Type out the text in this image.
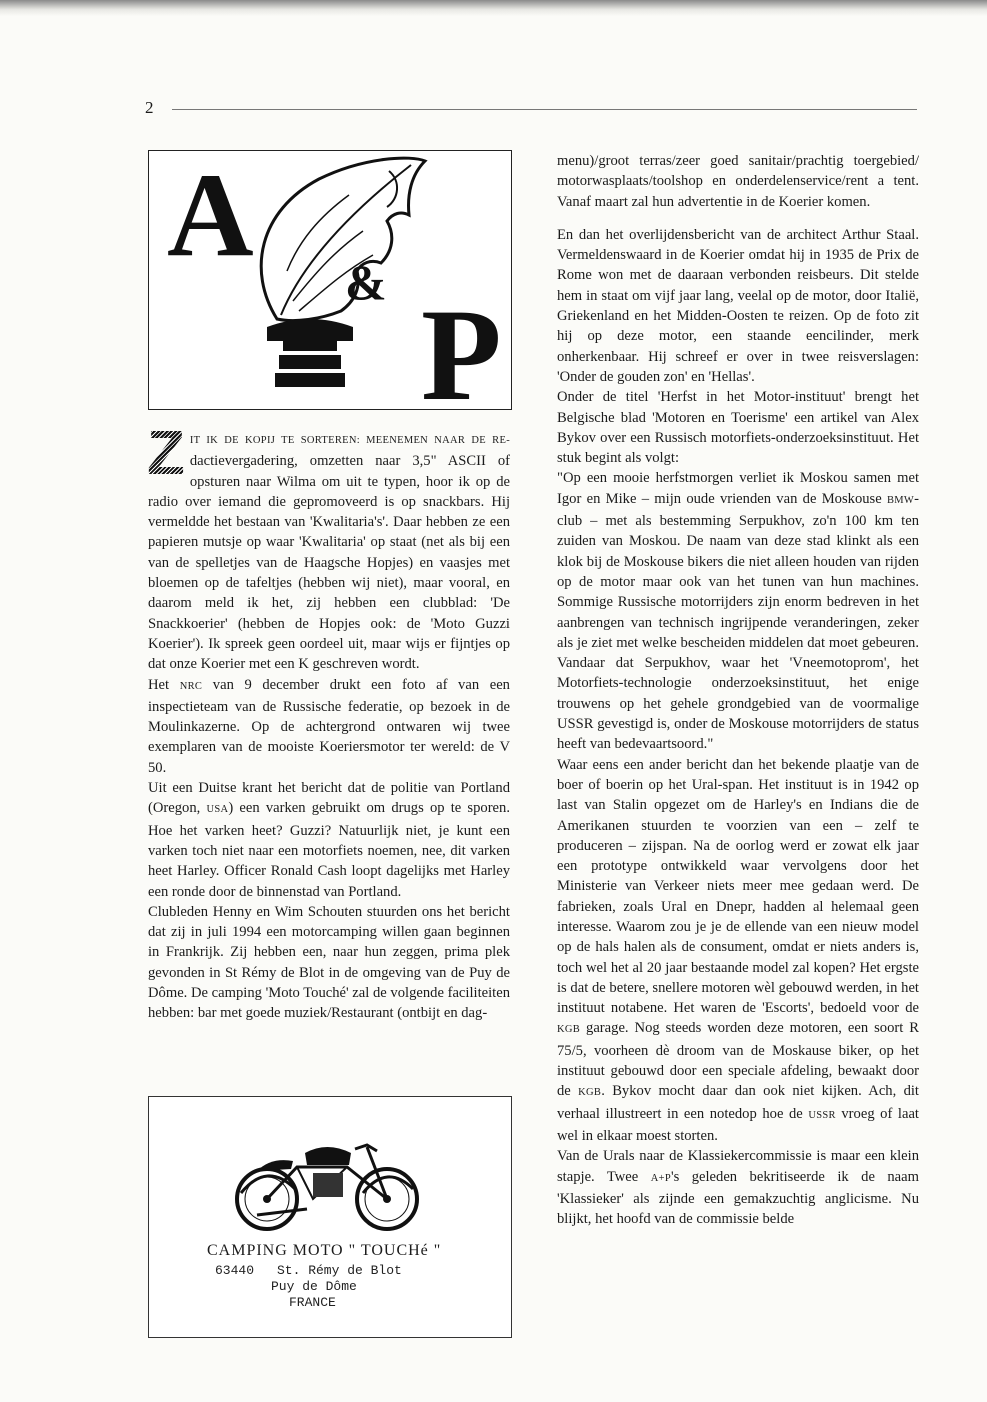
2
A
& P

Z IT IK DE KOPIJ TE SORTEREN: MEENEMEN NAAR DE RE- dactievergadering, omzetten naar 3,5" ASCII of opsturen naar Wilma om uit te typen, hoor ik op de radio over iemand die gepromoveerd is op snackbars. Hij vermeldde het bestaan van 'Kwalitaria's'. Daar hebben ze een papieren mutsje op waar 'Kwalitaria' op staat (net als bij een van de spelletjes van de Haagsche Hopjes) en vaasjes met bloemen op de tafeltjes (hebben wij niet), maar vooral, en daarom meld ik het, zij hebben een clubblad: 'De Snackkoerier' (hebben de Hopjes ook: de 'Moto Guzzi Koerier'). Ik spreek geen oordeel uit, maar wijs er fijntjes op dat onze Koerier met een K geschreven wordt.

Het NRC van 9 december drukt een foto af van een inspectieteam van de Russische federatie, op bezoek in de Moulinkazerne. Op de achtergrond ontwaren wij twee exemplaren van de mooiste Koeriersmotor ter wereld: de V 50.

Uit een Duitse krant het bericht dat de politie van Portland (Oregon, USA) een varken gebruikt om drugs op te sporen. Hoe het varken heet? Guzzi? Natuurlijk niet, je kunt een varken toch niet naar een motorfiets noemen, nee, dit varken heet Harley. Officer Ronald Cash loopt dagelijks met Harley een ronde door de binnenstad van Portland.

Clubleden Henny en Wim Schouten stuurden ons het bericht dat zij in juli 1994 een motorcamping willen gaan beginnen in Frankrijk. Zij hebben een, naar hun zeggen, prima plek gevonden in St Rémy de Blot in de omgeving van de Puy de Dôme. De camping 'Moto Touché' zal de volgende faciliteiten hebben: bar met goede muziek/Restaurant (ontbijt en dag-

CAMPING MOTO " TOUCHé "
63440 St. Rémy de Blot
Puy de Dôme
FRANCE

menu)/groot terras/zeer goed sanitair/prachtig toergebied/ motorwasplaats/toolshop en onderdelenservice/rent a tent. Vanaf maart zal hun advertentie in de Koerier komen.

En dan het overlijdensbericht van de architect Arthur Staal. Vermeldenswaard in de Koerier omdat hij in 1935 de Prix de Rome won met de daaraan verbonden reisbeurs. Dit stelde hem in staat om vijf jaar lang, veelal op de motor, door Italië, Griekenland en het Midden-Oosten te reizen. Op de foto zit hij op deze motor, een staande eencilinder, merk onherkenbaar. Hij schreef er over in twee reisverslagen: 'Onder de gouden zon' en 'Hellas'.

Onder de titel 'Herfst in het Motor-instituut' brengt het Belgische blad 'Motoren en Toerisme' een artikel van Alex Bykov over een Russisch motorfiets-onderzoeksinstituut. Het stuk begint als volgt:

"Op een mooie herfstmorgen verliet ik Moskou samen met Igor en Mike – mijn oude vrienden van de Moskouse BMW-club – met als bestemming Serpukhov, zo'n 100 km ten zuiden van Moskou. De naam van deze stad klinkt als een klok bij de Moskouse bikers die niet alleen houden van rijden op de motor maar ook van het tunen van hun machines. Sommige Russische motorrijders zijn enorm bedreven in het aanbrengen van technisch ingrijpende veranderingen, zeker als je ziet met welke bescheiden middelen dat moet gebeuren. Vandaar dat Serpukhov, waar het 'Vneemotoprom', het Motorfiets-technologie onderzoeksinstituut, het enige trouwens op het gehele grondgebied van de voormalige USSR gevestigd is, onder de Moskouse motorrijders de status heeft van bedevaartsoord."

Waar eens een ander bericht dan het bekende plaatje van de boer of boerin op het Ural-span. Het instituut is in 1942 op last van Stalin opgezet om de Harley's en Indians die de Amerikanen stuurden te voorzien van een – zelf te produceren – zijspan. Na de oorlog werd er zowat elk jaar een prototype ontwikkeld waar vervolgens door het Ministerie van Verkeer niets meer mee gedaan werd. De fabrieken, zoals Ural en Dnepr, hadden al helemaal geen interesse. Waarom zou je je de ellende van een nieuw model op de hals halen als de consument, omdat er niets anders is, toch wel het al 20 jaar bestaande model zal kopen? Het ergste is dat de betere, snellere motoren wèl gebouwd werden, in het instituut notabene. Het waren de 'Escorts', bedoeld voor de KGB garage. Nog steeds worden deze motoren, een soort R 75/5, voorheen dè droom van de Moskause biker, op het instituut gebouwd door een speciale afdeling, bewaakt door de KGB. Bykov mocht daar dan ook niet kijken. Ach, dit verhaal illustreert in een notedop hoe de USSR vroeg of laat wel in elkaar moest storten.

Van de Urals naar de Klassiekercommissie is maar een klein stapje. Twee A+P's geleden bekritiseerde ik de naam 'Klassieker' als zijnde een gemakzuchtig anglicisme. Nu blijkt, het hoofd van de commissie belde
